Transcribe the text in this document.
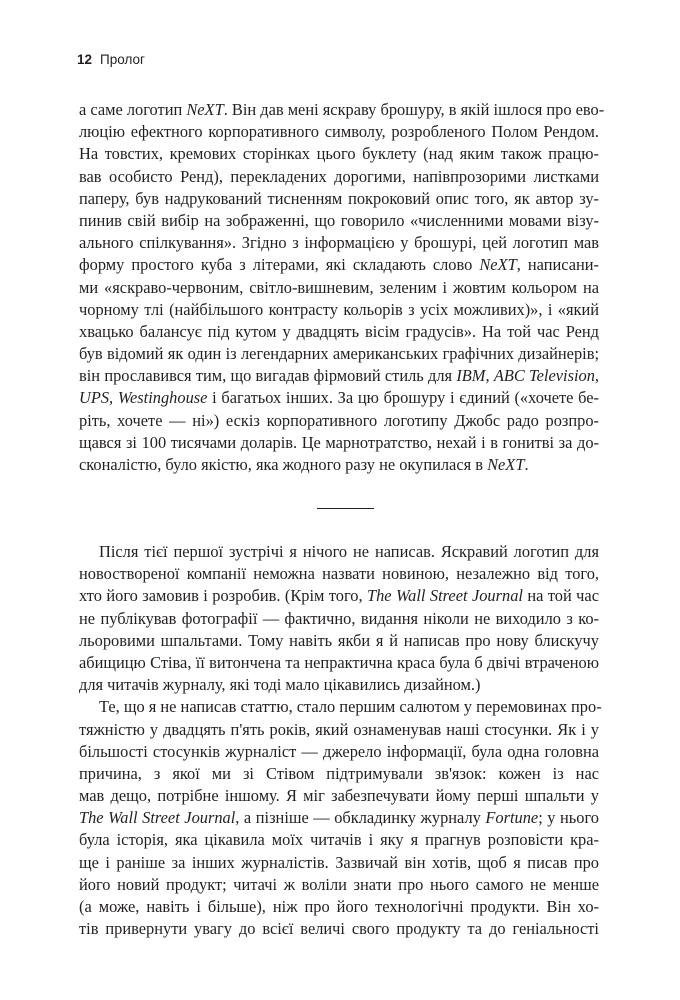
12 Пролог
а саме логотип NeXT. Він дав мені яскраву брошуру, в якій ішлося про ево-
люцію ефектного корпоративного символу, розробленого Полом Рендом.
На товстих, кремових сторінках цього буклету (над яким також працю-
вав особисто Ренд), перекладених дорогими, напівпрозорими листками
паперу, був надрукований тисненням покроковий опис того, як автор зу-
пинив свій вибір на зображенні, що говорило «численними мовами візу-
ального спілкування». Згідно з інформацією у брошурі, цей логотип мав
форму простого куба з літерами, які складають слово NeXT, написани-
ми «яскраво-червоним, світло-вишневим, зеленим і жовтим кольором на
чорному тлі (найбільшого контрасту кольорів з усіх можливих)», і «який
хвацько балансує під кутом у двадцять вісім градусів». На той час Ренд
був відомий як один із легендарних американських графічних дизайнерів;
він прославився тим, що вигадав фірмовий стиль для IBM, ABC Television,
UPS, Westinghouse і багатьох інших. За цю брошуру і єдиний («хочете бе-
ріть, хочете — ні») ескіз корпоративного логотипу Джобс радо розпро-
щався зі 100 тисячами доларів. Це марнотратство, нехай і в гонитві за до-
сконалістю, було якістю, яка жодного разу не окупилася в NeXT.
Після тієї першої зустрічі я нічого не написав. Яскравий логотип для
новоствореної компанії неможна назвати новиною, незалежно від того,
хто його замовив і розробив. (Крім того, The Wall Street Journal на той час
не публікував фотографії — фактично, видання ніколи не виходило з ко-
льоровими шпальтами. Тому навіть якби я й написав про нову блискучу
абищицю Стіва, її витончена та непрактична краса була б двічі втраченою
для читачів журналу, які тоді мало цікавились дизайном.)
Те, що я не написав статтю, стало першим салютом у перемовинах про-
тяжністю у двадцять п'ять років, який ознаменував наші стосунки. Як і у
більшості стосунків журналіст — джерело інформації, була одна головна
причина, з якої ми зі Стівом підтримували зв'язок: кожен із нас
мав дещо, потрібне іншому. Я міг забезпечувати йому перші шпальти у
The Wall Street Journal, а пізніше — обкладинку журналу Fortune; у нього
була історія, яка цікавила моїх читачів і яку я прагнув розповісти кра-
ще і раніше за інших журналістів. Зазвичай він хотів, щоб я писав про
його новий продукт; читачі ж воліли знати про нього самого не менше
(а може, навіть і більше), ніж про його технологічні продукти. Він хо-
тів привернути увагу до всієї величі свого продукту та до геніальності
